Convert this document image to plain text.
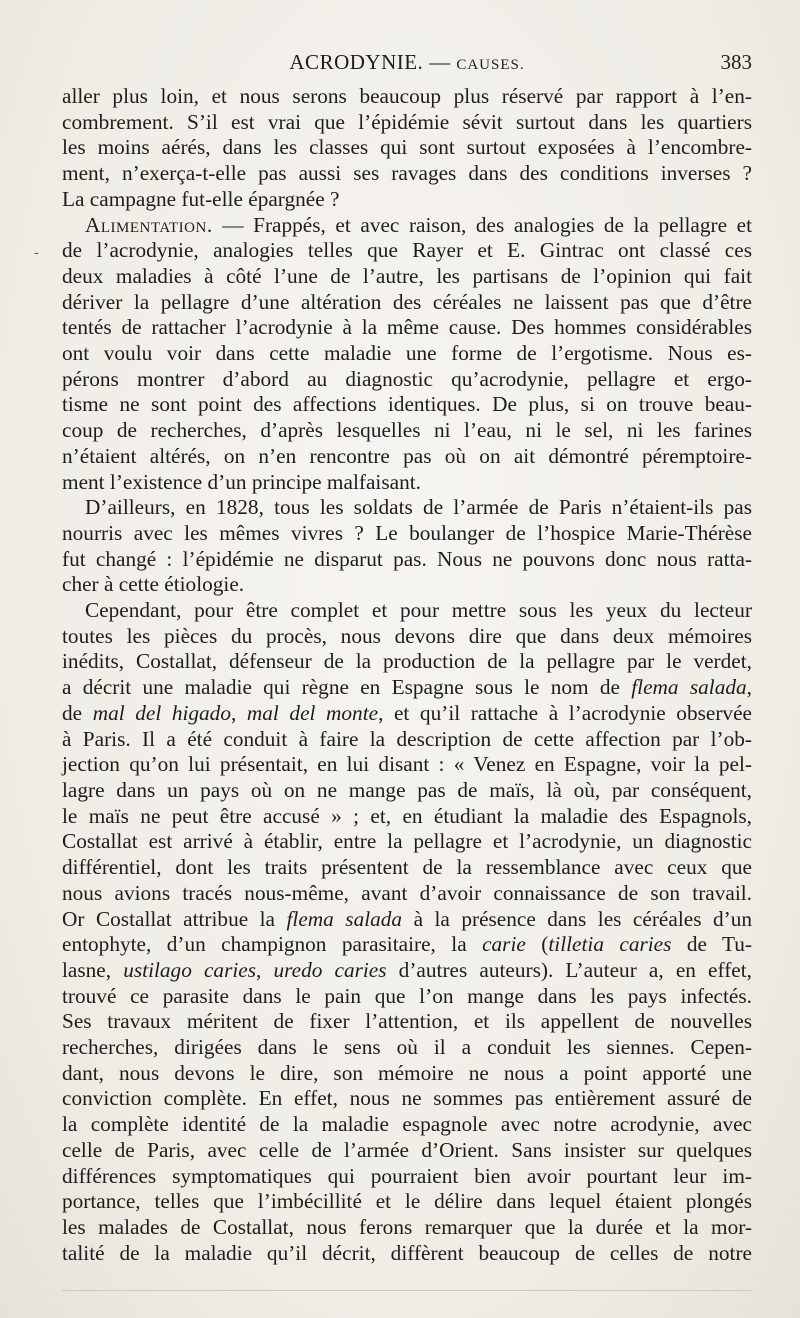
ACRODYNIE. — CAUSES.	383
-

aller plus loin, et nous serons beaucoup plus réservé par rapport à l’en-

combrement. S’il est vrai que l’épidémie sévit surtout dans les quartiers

les moins aérés, dans les classes qui sont surtout exposées à l’encombre-

ment, n’exerça-t-elle pas aussi ses ravages dans des conditions inverses ?

La campagne fut-elle épargnée ?

Alimentation. — Frappés, et avec raison, des analogies de la pellagre et

de l’acrodynie, analogies telles que Rayer et E. Gintrac ont classé ces

deux maladies à côté l’une de l’autre, les partisans de l’opinion qui fait

dériver la pellagre d’une altération des céréales ne laissent pas que d’être

tentés de rattacher l’acrodynie à la même cause. Des hommes considérables

ont voulu voir dans cette maladie une forme de l’ergotisme. Nous es-

pérons montrer d’abord au diagnostic qu’acrodynie, pellagre et ergo-

tisme ne sont point des affections identiques. De plus, si on trouve beau-

coup de recherches, d’après lesquelles ni l’eau, ni le sel, ni les farines

n’étaient altérés, on n’en rencontre pas où on ait démontré péremptoire-

ment l’existence d’un principe malfaisant.

D’ailleurs, en 1828, tous les soldats de l’armée de Paris n’étaient-ils pas

nourris avec les mêmes vivres ? Le boulanger de l’hospice Marie-Thérèse

fut changé : l’épidémie ne disparut pas. Nous ne pouvons donc nous ratta-

cher à cette étiologie.

Cependant, pour être complet et pour mettre sous les yeux du lecteur

toutes les pièces du procès, nous devons dire que dans deux mémoires

inédits, Costallat, défenseur de la production de la pellagre par le verdet,

a décrit une maladie qui règne en Espagne sous le nom de flema salada,

de mal del higado, mal del monte, et qu’il rattache à l’acrodynie observée

à Paris. Il a été conduit à faire la description de cette affection par l’ob-

jection qu’on lui présentait, en lui disant : « Venez en Espagne, voir la pel-

lagre dans un pays où on ne mange pas de maïs, là où, par conséquent,

le maïs ne peut être accusé » ; et, en étudiant la maladie des Espagnols,

Costallat est arrivé à établir, entre la pellagre et l’acrodynie, un diagnostic

différentiel, dont les traits présentent de la ressemblance avec ceux que

nous avions tracés nous-même, avant d’avoir connaissance de son travail.

Or Costallat attribue la flema salada à la présence dans les céréales d’un

entophyte, d’un champignon parasitaire, la carie (tilletia caries de Tu-

lasne, ustilago caries, uredo caries d’autres auteurs). L’auteur a, en effet,

trouvé ce parasite dans le pain que l’on mange dans les pays infectés.

Ses travaux méritent de fixer l’attention, et ils appellent de nouvelles

recherches, dirigées dans le sens où il a conduit les siennes. Cepen-

dant, nous devons le dire, son mémoire ne nous a point apporté une

conviction complète. En effet, nous ne sommes pas entièrement assuré de

la complète identité de la maladie espagnole avec notre acrodynie, avec

celle de Paris, avec celle de l’armée d’Orient. Sans insister sur quelques

différences symptomatiques qui pourraient bien avoir pourtant leur im-

portance, telles que l’imbécillité et le délire dans lequel étaient plongés

les malades de Costallat, nous ferons remarquer que la durée et la mor-

talité de la maladie qu’il décrit, diffèrent beaucoup de celles de notre
